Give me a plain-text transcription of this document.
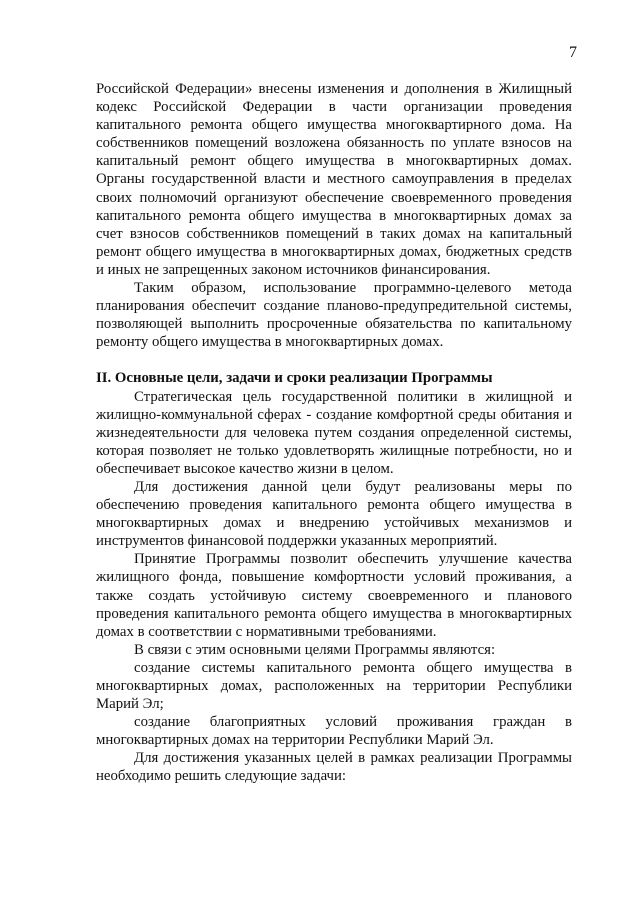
7

Российской Федерации» внесены изменения и дополнения в Жилищный кодекс Российской Федерации в части организации проведения капитального ремонта общего имущества многоквартирного дома. На собственников помещений возложена обязанность по уплате взносов на капитальный ремонт общего имущества в многоквартирных домах. Органы государственной власти и местного самоуправления в пределах своих полномочий организуют обеспечение своевременного проведения капитального ремонта общего имущества в многоквартирных домах за счет взносов собственников помещений в таких домах на капитальный ремонт общего имущества в многоквартирных домах, бюджетных средств и иных не запрещенных законом источников финансирования.

Таким образом, использование программно-целевого метода планирования обеспечит создание планово-предупредительной системы, позволяющей выполнить просроченные обязательства по капитальному ремонту общего имущества в многоквартирных домах.

II. Основные цели, задачи и сроки реализации Программы

Стратегическая цель государственной политики в жилищной и жилищно-коммунальной сферах - создание комфортной среды обитания и жизнедеятельности для человека путем создания определенной системы, которая позволяет не только удовлетворять жилищные потребности, но и обеспечивает высокое качество жизни в целом.

Для достижения данной цели будут реализованы меры по обеспечению проведения капитального ремонта общего имущества в многоквартирных домах и внедрению устойчивых механизмов и инструментов финансовой поддержки указанных мероприятий.

Принятие Программы позволит обеспечить улучшение качества жилищного фонда, повышение комфортности условий проживания, а также создать устойчивую систему своевременного и планового проведения капитального ремонта общего имущества в многоквартирных домах в соответствии с нормативными требованиями.

В связи с этим основными целями Программы являются:

создание системы капитального ремонта общего имущества в многоквартирных домах, расположенных на территории Республики Марий Эл;

создание благоприятных условий проживания граждан в многоквартирных домах на территории Республики Марий Эл.

Для достижения указанных целей в рамках реализации Программы необходимо решить следующие задачи:
